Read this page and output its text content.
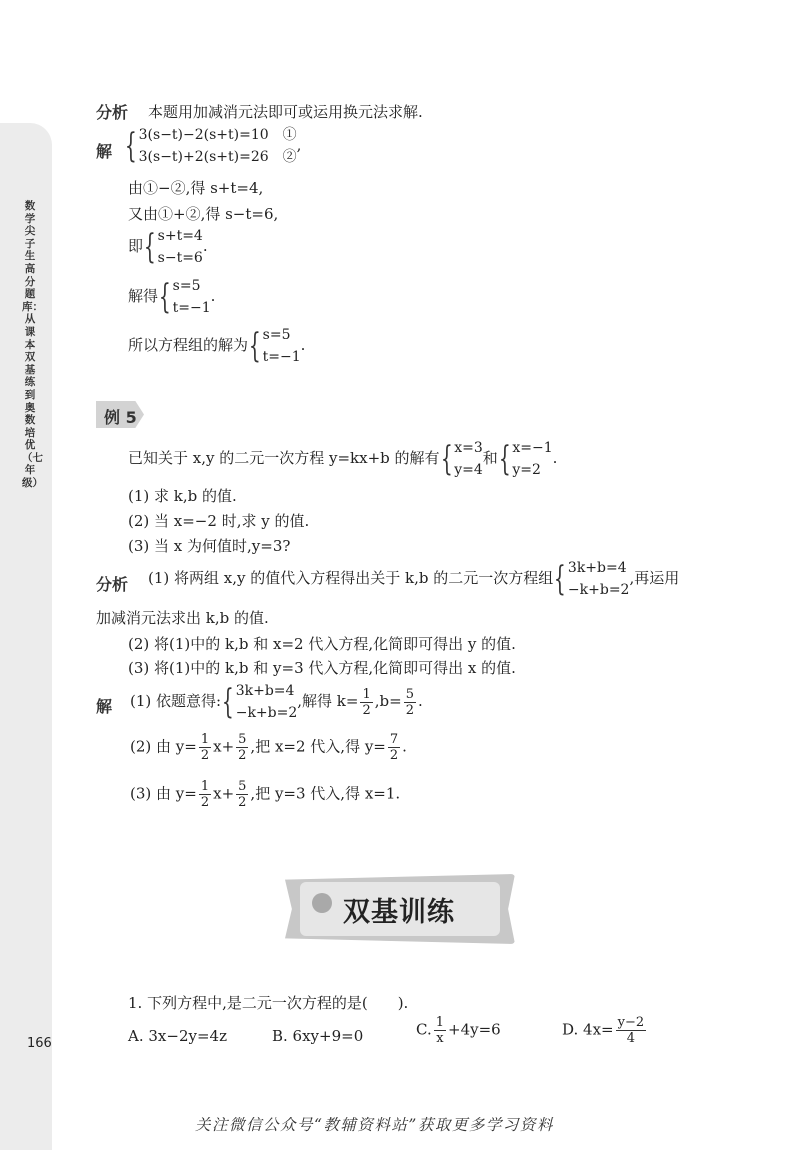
数学尖子生高分题库：从课本双基练到奥数培优（七年级）
166
分析 本题用加减消元法即可或运用换元法求解.
解 { 3(s−t)−2(s+t)=10　①
3(s−t)+2(s+t)=26　②
,
由①−②,得 s+t=4,
又由①+②,得 s−t=6,
即{ s+t=4
s−t=6
.
解得{ s=5
t=−1
.
所以方程组的解为{ s=5
t=−1
.
例 5
已知关于 x,y 的二元一次方程 y=kx+b 的解有{ x=3
y=4
和{ x=−1
y=2
.
(1) 求 k,b 的值.
(2) 当 x=−2 时,求 y 的值.
(3) 当 x 为何值时,y=3?
分析 (1) 将两组 x,y 的值代入方程得出关于 k,b 的二元一次方程组{ 3k+b=4
−k+b=2
,再运用
加减消元法求出 k,b 的值.
(2) 将(1)中的 k,b 和 x=2 代入方程,化简即可得出 y 的值.
(3) 将(1)中的 k,b 和 y=3 代入方程,化简即可得出 x 的值.
解 (1) 依题意得:{ 3k+b=4
−k+b=2
,解得 $k= \frac{1}{2} ,b= \frac{5}{2}$ .
(2) 由 $y= \frac{1}{2} x+ \frac{5}{2}$ ,把 x=2 代入,得 $y= \frac{7}{2}$ .
(3) 由 $y= \frac{1}{2} x+ \frac{5}{2}$ ,把 y=3 代入,得 x=1.
双基训练
1. 下列方程中,是二元一次方程的是(　　).
A. 3x−2y=4z	B. 6xy+9=0	C. $\frac{1}{x} +4y=6$	D. $4x= \frac{y-2}{4}$
关注微信公众号“教辅资料站”获取更多学习资料
